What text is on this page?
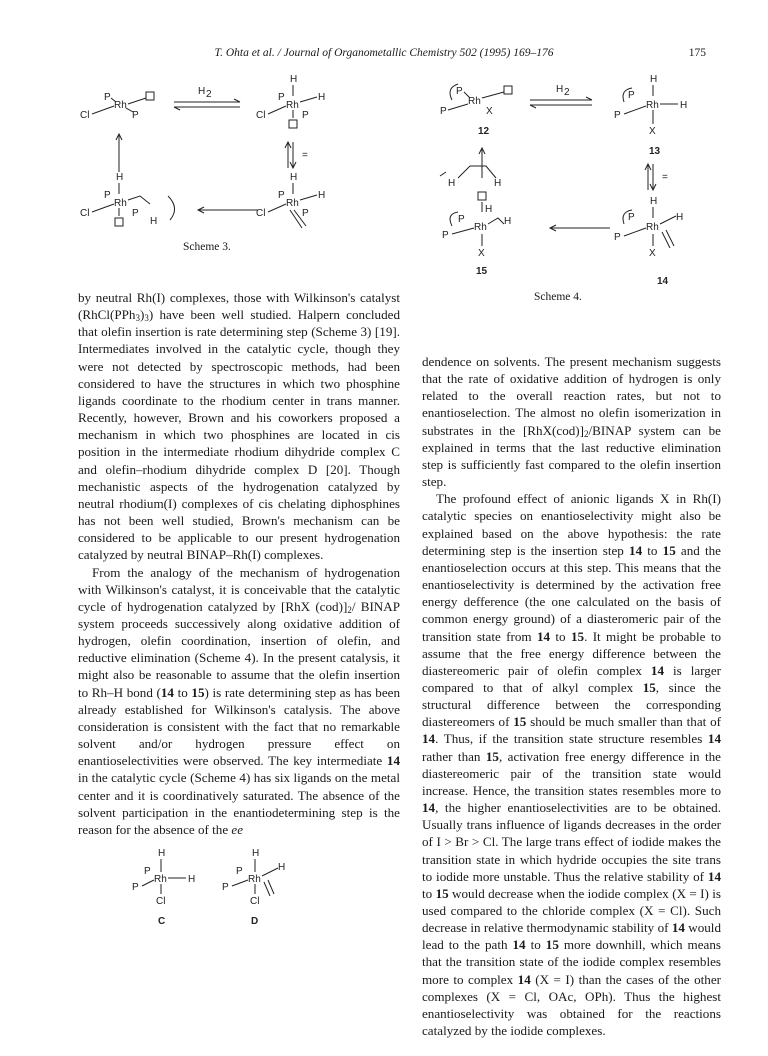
T. Ohta et al. / Journal of Organometallic Chemistry 502 (1995) 169–176	175
P
Rh
Cl	P
H 2
H
P
Rh
H
Cl	P
=
H
P
Rh
Cl	P
H
H
P
Rh
H
Cl	P
Scheme 3.
P
Rh
P	X
12
H 2
H
P
Rh
P
H
X
13
=
H	H
H
P
Rh
P
H
X
15
H
P
Rh
P
H
X
14
Scheme 4.

by neutral Rh(I) complexes, those with Wilkinson's catalyst $(RhCl(PPh_3)_3)$ have been well studied. Halpern concluded that olefin insertion is rate determining step (Scheme 3) [19]. Intermediates involved in the catalytic cycle, though they were not detected by spectroscopic methods, had been considered to have the structures in which two phosphine ligands coordinate to the rhodium center in trans manner. Recently, however, Brown and his coworkers proposed a mechanism in which two phosphines are located in cis position in the intermediate rhodium dihydride complex C and olefin–rhodium dihydride complex D [20]. Though mechanistic aspects of the hydrogenation catalyzed by neutral rhodium(I) complexes of cis chelating diphosphines has not been well studied, Brown's mechanism can be considered to be applicable to our present hydrogenation catalyzed by neutral BINAP–Rh(I) complexes.

From the analogy of the mechanism of hydrogenation with Wilkinson's catalyst, it is conceivable that the catalytic cycle of hydrogenation catalyzed by [RhX $(cod)]_2/$ BINAP system proceeds successively along oxidative addition of hydrogen, olefin coordination, insertion of olefin, and reductive elimination (Scheme 4). In the present catalysis, it might also be reasonable to assume that the olefin insertion to Rh–H bond (14 to 15) is rate determining step as has been already established for Wilkinson's catalysis. The above consideration is consistent with the fact that no remarkable solvent and/or hydrogen pressure effect on enantioselectivities were observed. The key intermediate 14 in the catalytic cycle (Scheme 4) has six ligands on the metal center and it is coordinatively saturated. The absence of the solvent participation in the enantiodetermining step is the reason for the absence of the ee

H
P
Rh
P
H
Cl
C
H
P
Rh
P
H
Cl
D

dendence on solvents. The present mechanism suggests that the rate of oxidative addition of hydrogen is only related to the overall reaction rates, but not to enantioselection. The almost no olefin isomerization in substrates in the $[RhX(cod)]_2$/BINAP system can be explained in terms that the last reductive elimination step is sufficiently fast compared to the olefin insertion step.

The profound effect of anionic ligands X in Rh(I) catalytic species on enantioselectivity might also be explained based on the above hypothesis: the rate determining step is the insertion step 14 to 15 and the enantioselection occurs at this step. This means that the enantioselectivity is determined by the activation free energy defference (the one calculated on the basis of common energy ground) of a diasteromeric pair of the transition state from 14 to 15. It might be probable to assume that the free energy difference between the diastereomeric pair of olefin complex 14 is larger compared to that of alkyl complex 15, since the structural difference between the corresponding diastereomers of 15 should be much smaller than that of 14. Thus, if the transition state structure resembles 14 rather than 15, activation free energy difference in the diastereomeric pair of the transition state would increase. Hence, the transition states resembles more to 14, the higher enantioselectivities are to be obtained. Usually trans influence of ligands decreases in the order of I > Br > Cl. The large trans effect of iodide makes the transition state in which hydride occupies the site trans to iodide more unstable. Thus the relative stability of 14 to 15 would decrease when the iodide complex (X = I) is used compared to the chloride complex (X = Cl). Such decrease in relative thermodynamic stability of 14 would lead to the path 14 to 15 more downhill, which means that the transition state of the iodide complex resembles more to complex 14 (X = I) than the cases of the other complexes (X = Cl, OAc, OPh). Thus the highest enantioselectivity was obtained for the reactions catalyzed by the iodide complexes.
